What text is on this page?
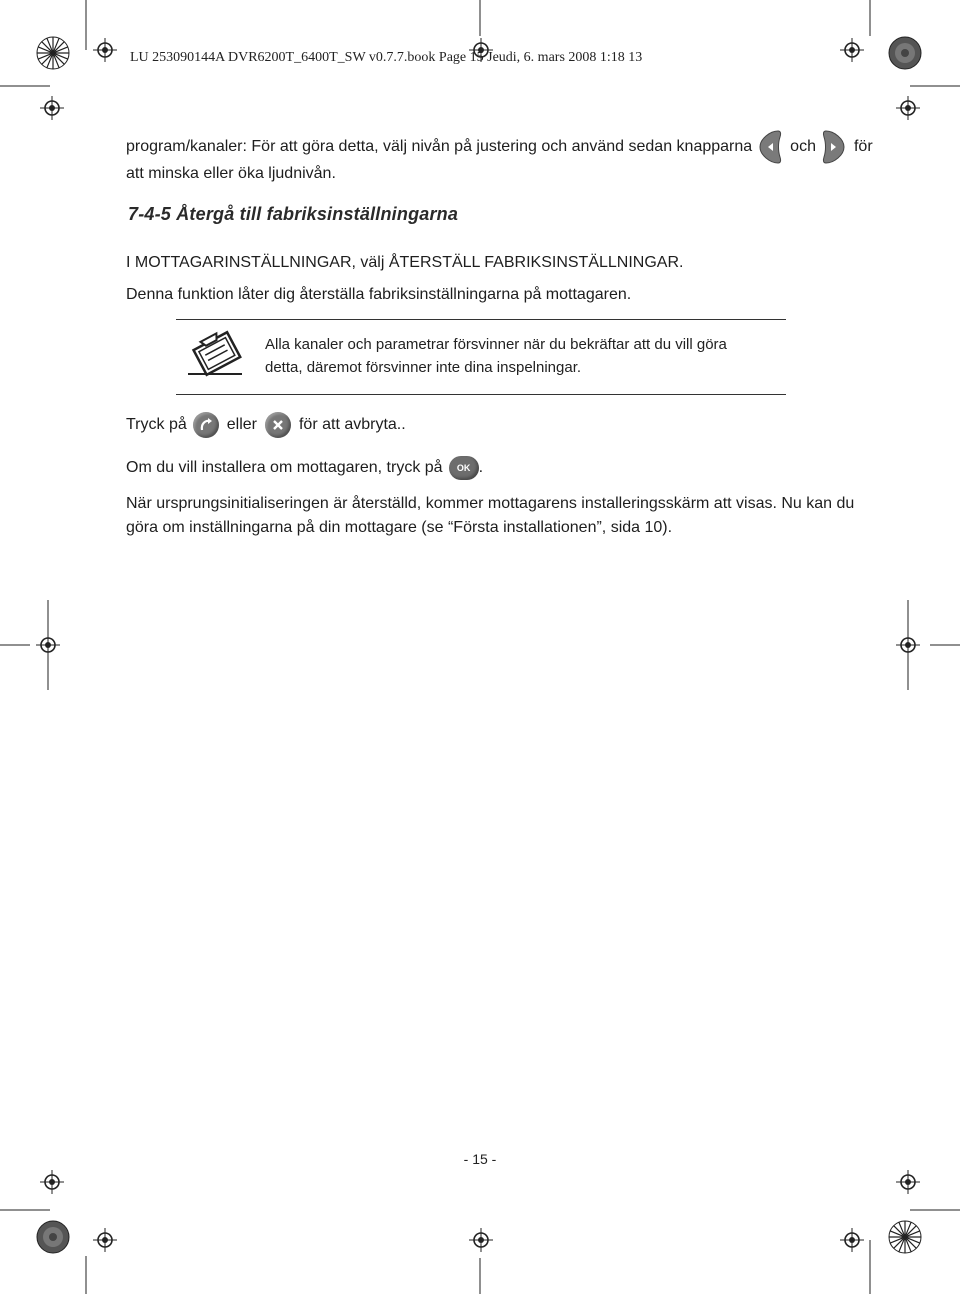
LU 253090144A DVR6200T_6400T_SW v0.7.7.book Page 15 Jeudi, 6. mars 2008 1:18 13
program/kanaler: För att göra detta, välj nivån på justering och använd sedan knapparna och för
att minska eller öka ljudnivån.
7-4-5 Återgå till fabriksinställningarna
I MOTTAGARINSTÄLLNINGAR, välj ÅTERSTÄLL FABRIKSINSTÄLLNINGAR.
Denna funktion låter dig återställa fabriksinställningarna på mottagaren.
Alla kanaler och parametrar försvinner när du bekräftar att du vill göra
detta, däremot försvinner inte dina inspelningar.
Tryck på	eller	för att avbryta..
Om du vill installera om mottagaren, tryck på	OK .
När ursprungsinitialiseringen är återställd, kommer mottagarens installeringsskärm att visas. Nu kan du
göra om inställningarna på din mottagare (se “Första installationen”, sida 10).
- 15 -
